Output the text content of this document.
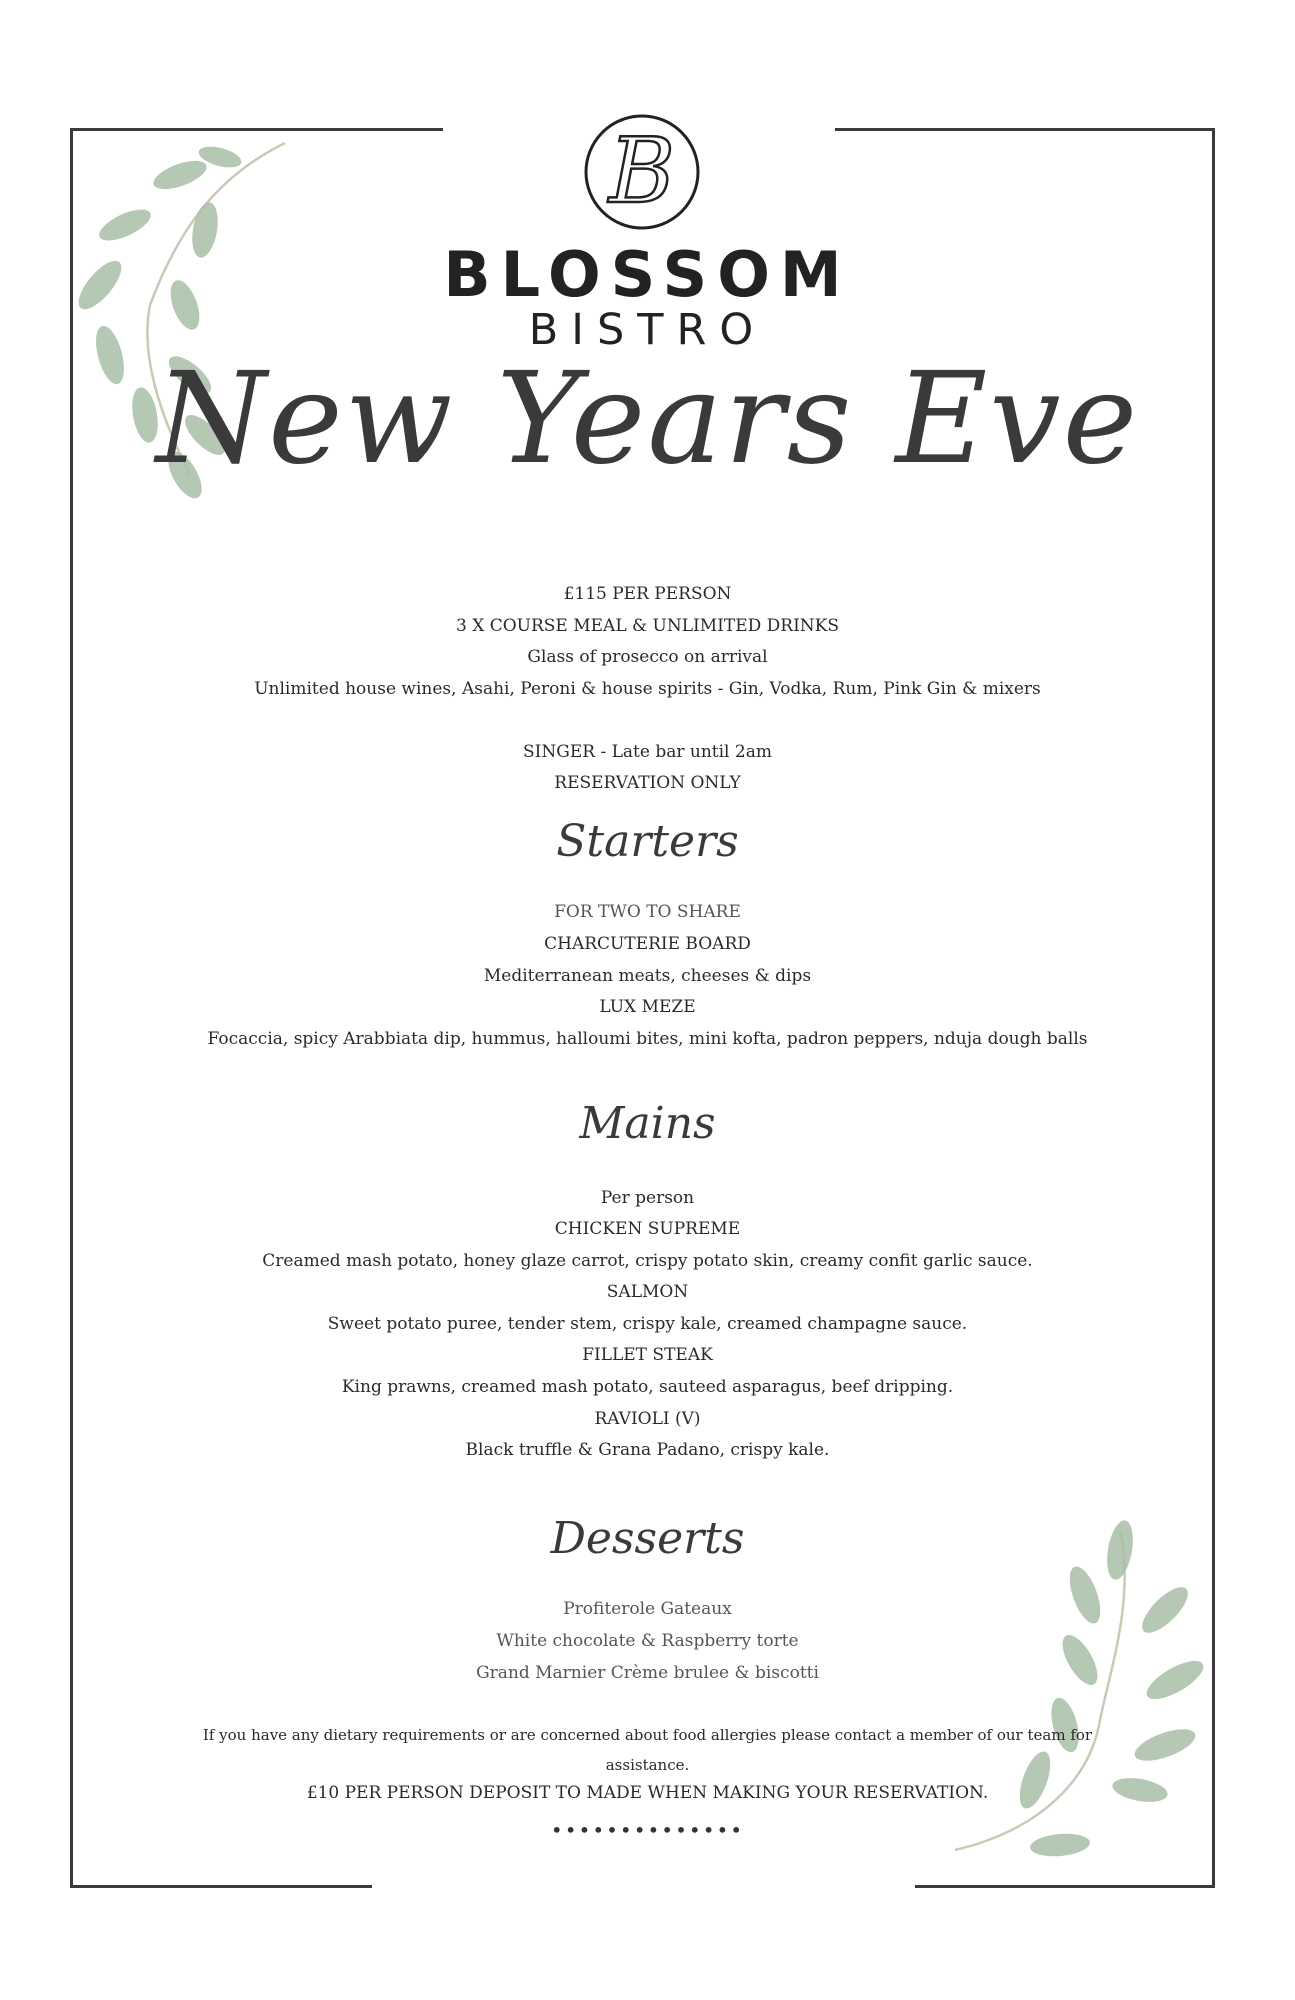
B
BLOSSOM
BISTRO
New Years Eve
£115 PER PERSON
3 X COURSE MEAL & UNLIMITED DRINKS
Glass of prosecco on arrival
Unlimited house wines, Asahi, Peroni & house spirits - Gin, Vodka, Rum, Pink Gin & mixers
SINGER - Late bar until 2am
RESERVATION ONLY
Starters
FOR TWO TO SHARE
CHARCUTERIE BOARD
Mediterranean meats, cheeses & dips
LUX MEZE
Focaccia, spicy Arabbiata dip, hummus, halloumi bites, mini kofta, padron peppers, nduja dough balls
Mains
Per person
CHICKEN SUPREME
Creamed mash potato, honey glaze carrot, crispy potato skin, creamy confit garlic sauce.
SALMON
Sweet potato puree, tender stem, crispy kale, creamed champagne sauce.
FILLET STEAK
King prawns, creamed mash potato, sauteed asparagus, beef dripping.
RAVIOLI (V)
Black truffle & Grana Padano, crispy kale.
Desserts
Profiterole Gateaux
White chocolate & Raspberry torte
Grand Marnier Crème brulee & biscotti
If you have any dietary requirements or are concerned about food allergies please contact a member of our team for
assistance.
£10 PER PERSON DEPOSIT TO MADE WHEN MAKING YOUR RESERVATION.
••••••••••••••
